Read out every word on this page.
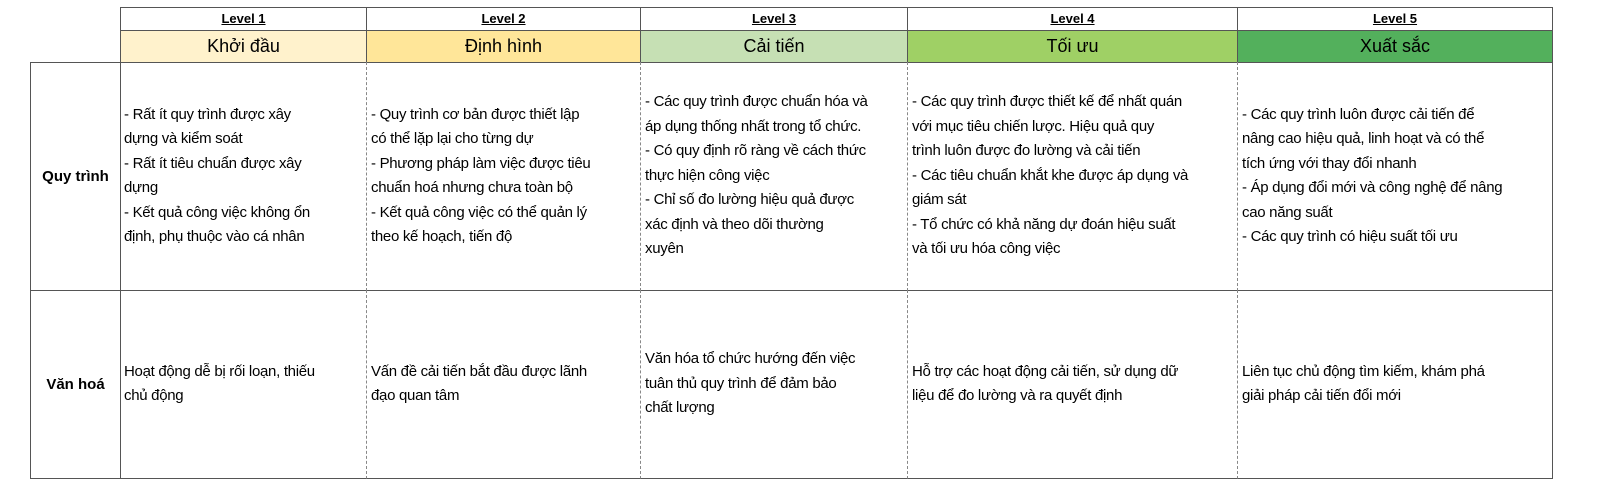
Level 1
Khởi đầu
Level 2
Định hình
Level 3
Cải tiến
Level 4
Tối ưu
Level 5
Xuất sắc
Quy trình
- Rất ít quy trình được xây
dựng và kiểm soát
- Rất ít tiêu chuẩn được xây
dựng
- Kết quả công việc không ổn
định, phụ thuộc vào cá nhân
- Quy trình cơ bản được thiết lập
có thể lặp lại cho từng dự
- Phương pháp làm việc được tiêu
chuẩn hoá nhưng chưa toàn bộ
- Kết quả công việc có thể quản lý
theo kế hoạch, tiến độ
- Các quy trình được chuẩn hóa và
áp dụng thống nhất trong tổ chức.
- Có quy định rõ ràng về cách thức
thực hiện công việc
- Chỉ số đo lường hiệu quả được
xác định và theo dõi thường
xuyên
- Các quy trình được thiết kế để nhất quán
với mục tiêu chiến lược. Hiệu quả quy
trình luôn được đo lường và cải tiến
- Các tiêu chuẩn khắt khe được áp dụng và
giám sát
- Tổ chức có khả năng dự đoán hiệu suất
và tối ưu hóa công việc
- Các quy trình luôn được cải tiến để
nâng cao hiệu quả, linh hoạt và có thể
tích ứng với thay đổi nhanh
- Áp dụng đổi mới và công nghệ để nâng
cao năng suất
- Các quy trình có hiệu suất tối ưu
Văn hoá
Hoạt động dễ bị rối loạn, thiếu
chủ động
Vấn đề cải tiến bắt đầu được lãnh
đạo quan tâm
Văn hóa tổ chức hướng đến việc
tuân thủ quy trình để đảm bảo
chất lượng
Hỗ trợ các hoạt động cải tiến, sử dụng dữ
liệu để đo lường và ra quyết định
Liên tục chủ động tìm kiếm, khám phá
giải pháp cải tiến đổi mới
